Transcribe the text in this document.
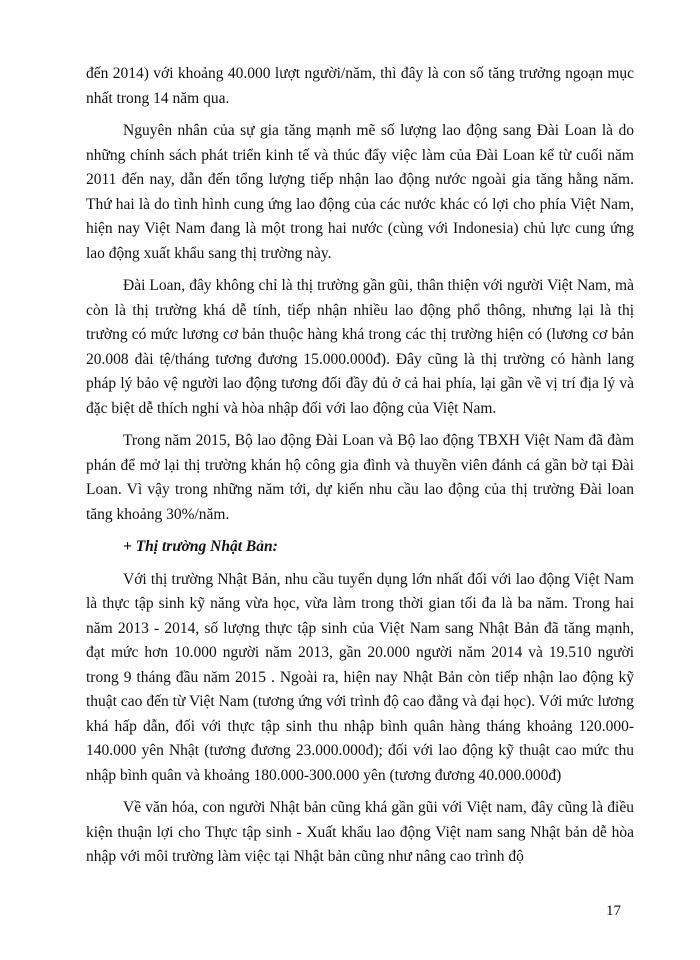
đến 2014) với khoảng 40.000 lượt người/năm, thì đây là con số tăng trưởng ngoạn mục nhất trong 14 năm qua.

Nguyên nhân của sự gia tăng mạnh mẽ số lượng lao động sang Đài Loan là do những chính sách phát triển kinh tế và thúc đẩy việc làm của Đài Loan kể từ cuối năm 2011 đến nay, dẫn đến tổng lượng tiếp nhận lao động nước ngoài gia tăng hằng năm. Thứ hai là do tình hình cung ứng lao động của các nước khác có lợi cho phía Việt Nam, hiện nay Việt Nam đang là một trong hai nước (cùng với Indonesia) chủ lực cung ứng lao động xuất khẩu sang thị trường này.

Đài Loan, đây không chỉ là thị trường gần gũi, thân thiện với người Việt Nam, mà còn là thị trường khá dễ tính, tiếp nhận nhiều lao động phổ thông, nhưng lại là thị trường có mức lương cơ bản thuộc hàng khá trong các thị trường hiện có (lương cơ bản 20.008 đài tệ/tháng tương đương 15.000.000đ). Đây cũng là thị trường có hành lang pháp lý bảo vệ người lao động tương đối đầy đủ ở cả hai phía, lại gần về vị trí địa lý và đặc biệt dễ thích nghi và hòa nhập đối với lao động của Việt Nam.

Trong năm 2015, Bộ lao động Đài Loan và Bộ lao động TBXH Việt Nam đã đàm phán để mở lại thị trường khán hộ công gia đình và thuyền viên đánh cá gần bờ tại Đài Loan. Vì vậy trong những năm tới, dự kiến nhu cầu lao động của thị trường Đài loan tăng khoảng 30%/năm.

+ Thị trường Nhật Bản:

Với thị trường Nhật Bản, nhu cầu tuyển dụng lớn nhất đối với lao động Việt Nam là thực tập sinh kỹ năng vừa học, vừa làm trong thời gian tối đa là ba năm. Trong hai năm 2013 - 2014, số lượng thực tập sinh của Việt Nam sang Nhật Bản đã tăng mạnh, đạt mức hơn 10.000 người năm 2013, gần 20.000 người năm 2014 và 19.510 người trong 9 tháng đầu năm 2015 . Ngoài ra, hiện nay Nhật Bản còn tiếp nhận lao động kỹ thuật cao đến từ Việt Nam (tương ứng với trình độ cao đẳng và đại học). Với mức lương khá hấp dẫn, đối với thực tập sinh thu nhập bình quân hàng tháng khoảng 120.000-140.000 yên Nhật (tương đương 23.000.000đ); đối với lao động kỹ thuật cao mức thu nhập bình quân và khoảng 180.000-300.000 yên (tương đương 40.000.000đ)

Về văn hóa, con người Nhật bản cũng khá gần gũi với Việt nam, đây cũng là điều kiện thuận lợi cho Thực tập sinh - Xuất khẩu lao động Việt nam sang Nhật bản dễ hòa nhập với môi trường làm việc tại Nhật bản cũng như nâng cao trình độ

17
